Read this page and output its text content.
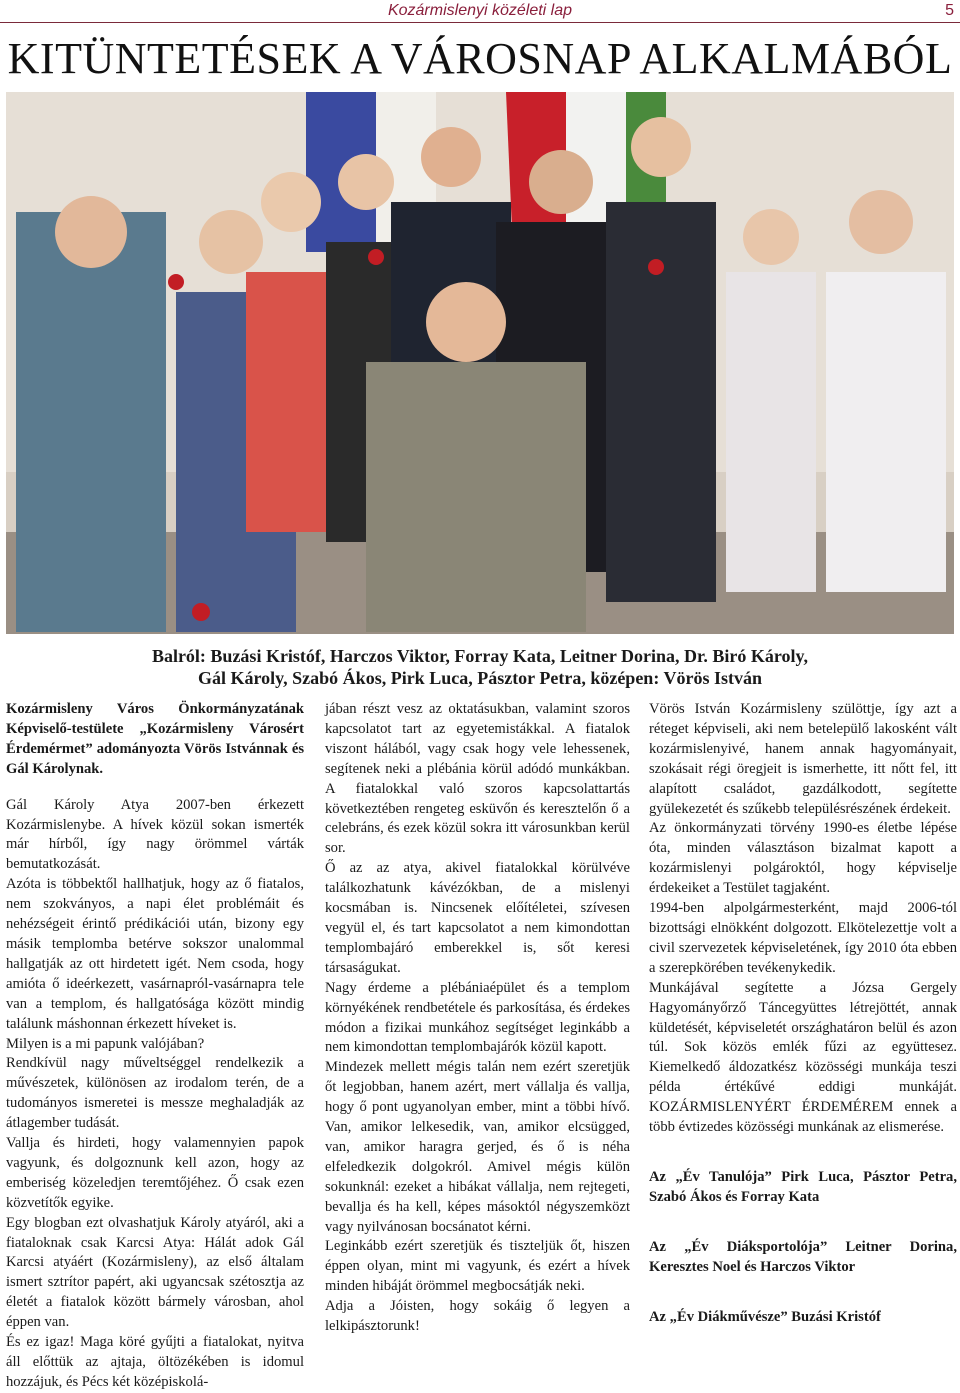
Kozármislenyi közéleti lap	5
KITÜNTETÉSEK A VÁROSNAP ALKALMÁBÓL
Balról: Buzási Kristóf, Harczos Viktor, Forray Kata, Leitner Dorina, Dr. Biró Károly,
Gál Károly, Szabó Ákos, Pirk Luca, Pásztor Petra, középen: Vörös István

Kozármisleny Város Önkormányzatának Képviselő-testülete „Kozármisleny Városért Érdemérmet” adományozta Vörös Istvánnak és Gál Károlynak.

Gál Károly Atya 2007-ben érkezett Kozármislenybe. A hívek közül sokan ismerték már hírből, így nagy örömmel várták bemutatkozását.

Azóta is többektől hallhatjuk, hogy az ő fiatalos, nem szokványos, a napi élet problémáit és nehézségeit érintő prédikációi után, bizony egy másik templomba betérve sokszor unalommal hallgatják az ott hirdetett igét. Nem csoda, hogy amióta ő ideérkezett, vasárnapról-vasárnapra tele van a templom, és hallgatósága között mindig találunk máshonnan érkezett híveket is.

Milyen is a mi papunk valójában?

Rendkívül nagy műveltséggel rendelkezik a művészetek, különösen az irodalom terén, de a tudományos ismeretei is messze meghaladják az átlagember tudását.

Vallja és hirdeti, hogy valamennyien papok vagyunk, és dolgoznunk kell azon, hogy az emberiség közeledjen teremtőjéhez. Ő csak ezen közvetítők egyike.

Egy blogban ezt olvashatjuk Károly atyáról, aki a fiataloknak csak Karcsi Atya: Hálát adok Gál Karcsi atyáért (Kozármisleny), az első általam ismert sztrítor papért, aki ugyancsak szétosztja az életét a fiatalok között bármely városban, ahol éppen van.

És ez igaz! Maga köré gyűjti a fiatalokat, nyitva áll előttük az ajtaja, öltözékében is idomul hozzájuk, és Pécs két középiskolá-

jában részt vesz az oktatásukban, valamint szoros kapcsolatot tart az egyetemistákkal. A fiatalok viszont hálából, vagy csak hogy vele lehessenek, segítenek neki a plébánia körül adódó munkákban. A fiatalokkal való szoros kapcsolattartás következtében rengeteg esküvőn és keresztelőn ő a celebráns, és ezek közül sokra itt városunkban kerül sor.

Ő az az atya, akivel fiatalokkal körülvéve találkozhatunk kávézókban, de a mislenyi kocsmában is. Nincsenek előítéletei, szívesen vegyül el, és tart kapcsolatot a nem kimondottan templombajáró emberekkel is, sőt keresi társaságukat.

Nagy érdeme a plébániaépület és a templom környékének rendbetétele és parkosítása, és érdekes módon a fizikai munkához segítséget leginkább a nem kimondottan templombajárók közül kapott.

Mindezek mellett mégis talán nem ezért szeretjük őt legjobban, hanem azért, mert vállalja és vallja, hogy ő pont ugyanolyan ember, mint a többi hívő. Van, amikor lelkesedik, van, amikor elcsügged, van, amikor haragra gerjed, és ő is néha elfeledkezik dolgokról. Amivel mégis külön sokunknál: ezeket a hibákat vállalja, nem rejtegeti, bevallja és ha kell, képes másoktól négyszemközt vagy nyilvánosan bocsánatot kérni.

Leginkább ezért szeretjük és tiszteljük őt, hiszen éppen olyan, mint mi vagyunk, és ezért a hívek minden hibáját örömmel megbocsátják neki.

Adja a Jóisten, hogy sokáig ő legyen a lelkipásztorunk!

Vörös István Kozármisleny szülöttje, így azt a réteget képviseli, aki nem betelepülő lakosként vált kozármislenyivé, hanem annak hagyományait, szokásait régi öregjeit is ismerhette, itt nőtt fel, itt alapított családot, gazdálkodott, segítette gyülekezetét és szűkebb településrészének érdekeit.

Az önkormányzati törvény 1990-es életbe lépése óta, minden választáson bizalmat kapott a kozármislenyi polgároktól, hogy képviselje érdekeiket a Testület tagjaként.

1994-ben alpolgármesterként, majd 2006-tól bizottsági elnökként dolgozott. Elkötelezettje volt a civil szervezetek képviseletének, így 2010 óta ebben a szerepkörében tevékenykedik.

Munkájával segítette a Józsa Gergely Hagyományőrző Táncegyüttes létrejöttét, annak küldetését, képviseletét országhatáron belül és azon túl. Sok közös emlék fűzi az együttesez. Kiemelkedő áldozatkész közösségi munkája teszi példa értékűvé eddigi munkáját. KOZÁRMISLENYÉRT ÉRDEMÉREM ennek a több évtizedes közösségi munkának az elismerése.

Az „Év Tanulója” Pirk Luca, Pásztor Petra, Szabó Ákos és Forray Kata

Az „Év Diáksportolója” Leitner Dorina, Keresztes Noel és Harczos Viktor

Az „Év Diákművésze” Buzási Kristóf
